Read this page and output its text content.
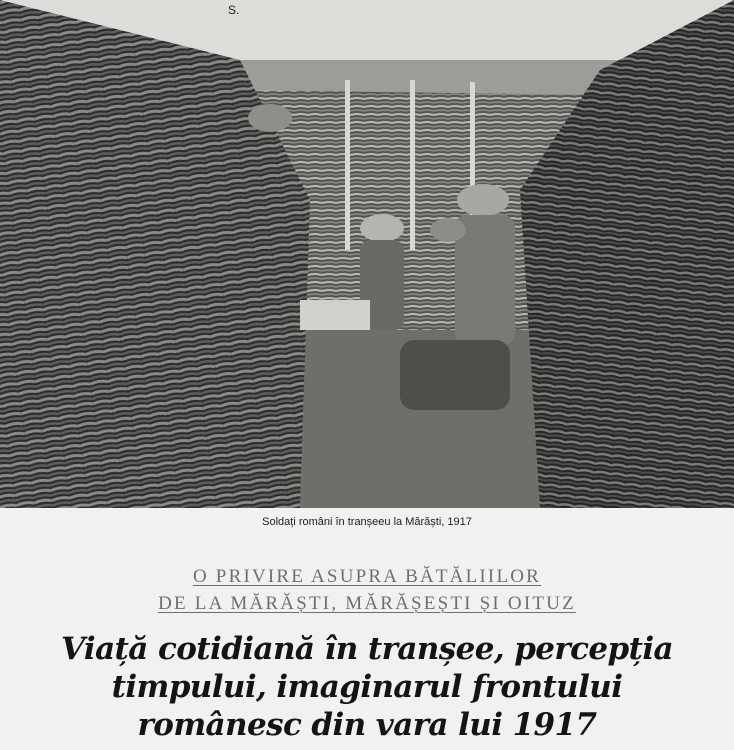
S.
Soldați români în tranșeeu la Mărăști, 1917
O PRIVIRE ASUPRA BĂTĂLIILOR
DE LA MĂRĂȘTI, MĂRĂȘEȘTI ȘI OITUZ
Viață cotidiană în tranșee, percepția
timpului, imaginarul frontului
românesc din vara lui 1917
